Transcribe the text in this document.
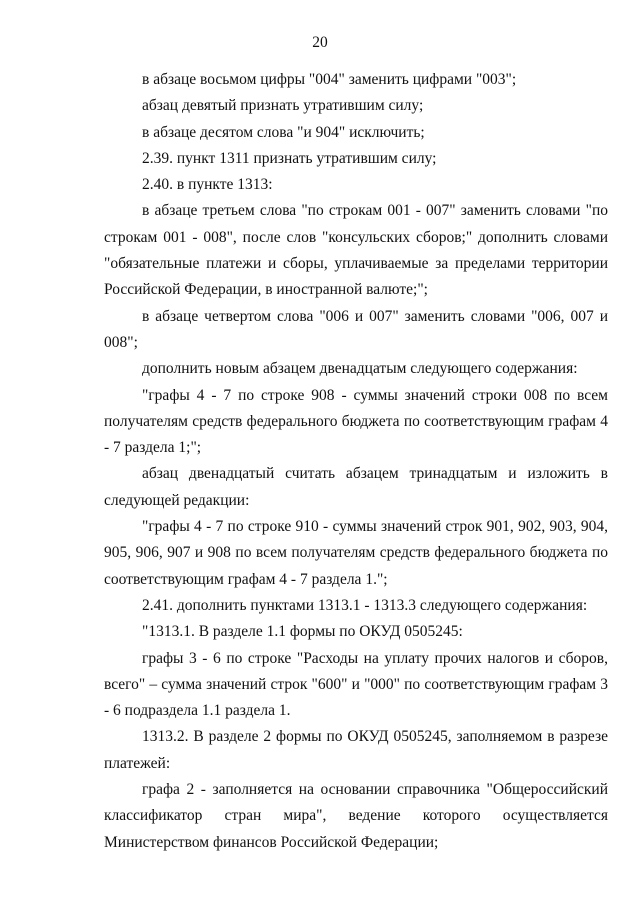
20

в абзаце восьмом цифры "004" заменить цифрами "003";

абзац девятый признать утратившим силу;

в абзаце десятом слова "и 904" исключить;

2.39. пункт 1311 признать утратившим силу;

2.40. в пункте 1313:

в абзаце третьем слова "по строкам 001 - 007" заменить словами "по строкам 001 - 008", после слов "консульских сборов;" дополнить словами "обязательные платежи и сборы, уплачиваемые за пределами территории Российской Федерации, в иностранной валюте;";

в абзаце четвертом слова "006 и 007" заменить словами "006, 007 и 008";

дополнить новым абзацем двенадцатым следующего содержания:

"графы 4 - 7 по строке 908 - суммы значений строки 008 по всем получателям средств федерального бюджета по соответствующим графам 4 - 7 раздела 1;";

абзац двенадцатый считать абзацем тринадцатым и изложить в следующей редакции:

"графы 4 - 7 по строке 910 - суммы значений строк 901, 902, 903, 904, 905, 906, 907 и 908 по всем получателям средств федерального бюджета по соответствующим графам 4 - 7 раздела 1.";

2.41. дополнить пунктами 1313.1 - 1313.3 следующего содержания:

"1313.1. В разделе 1.1 формы по ОКУД 0505245:

графы 3 - 6 по строке "Расходы на уплату прочих налогов и сборов, всего" – сумма значений строк "600" и "000" по соответствующим графам 3 - 6 подраздела 1.1 раздела 1.

1313.2. В разделе 2 формы по ОКУД 0505245, заполняемом в разрезе платежей:

графа 2 - заполняется на основании справочника "Общероссийский классификатор стран мира", ведение которого осуществляется Министерством финансов Российской Федерации;
